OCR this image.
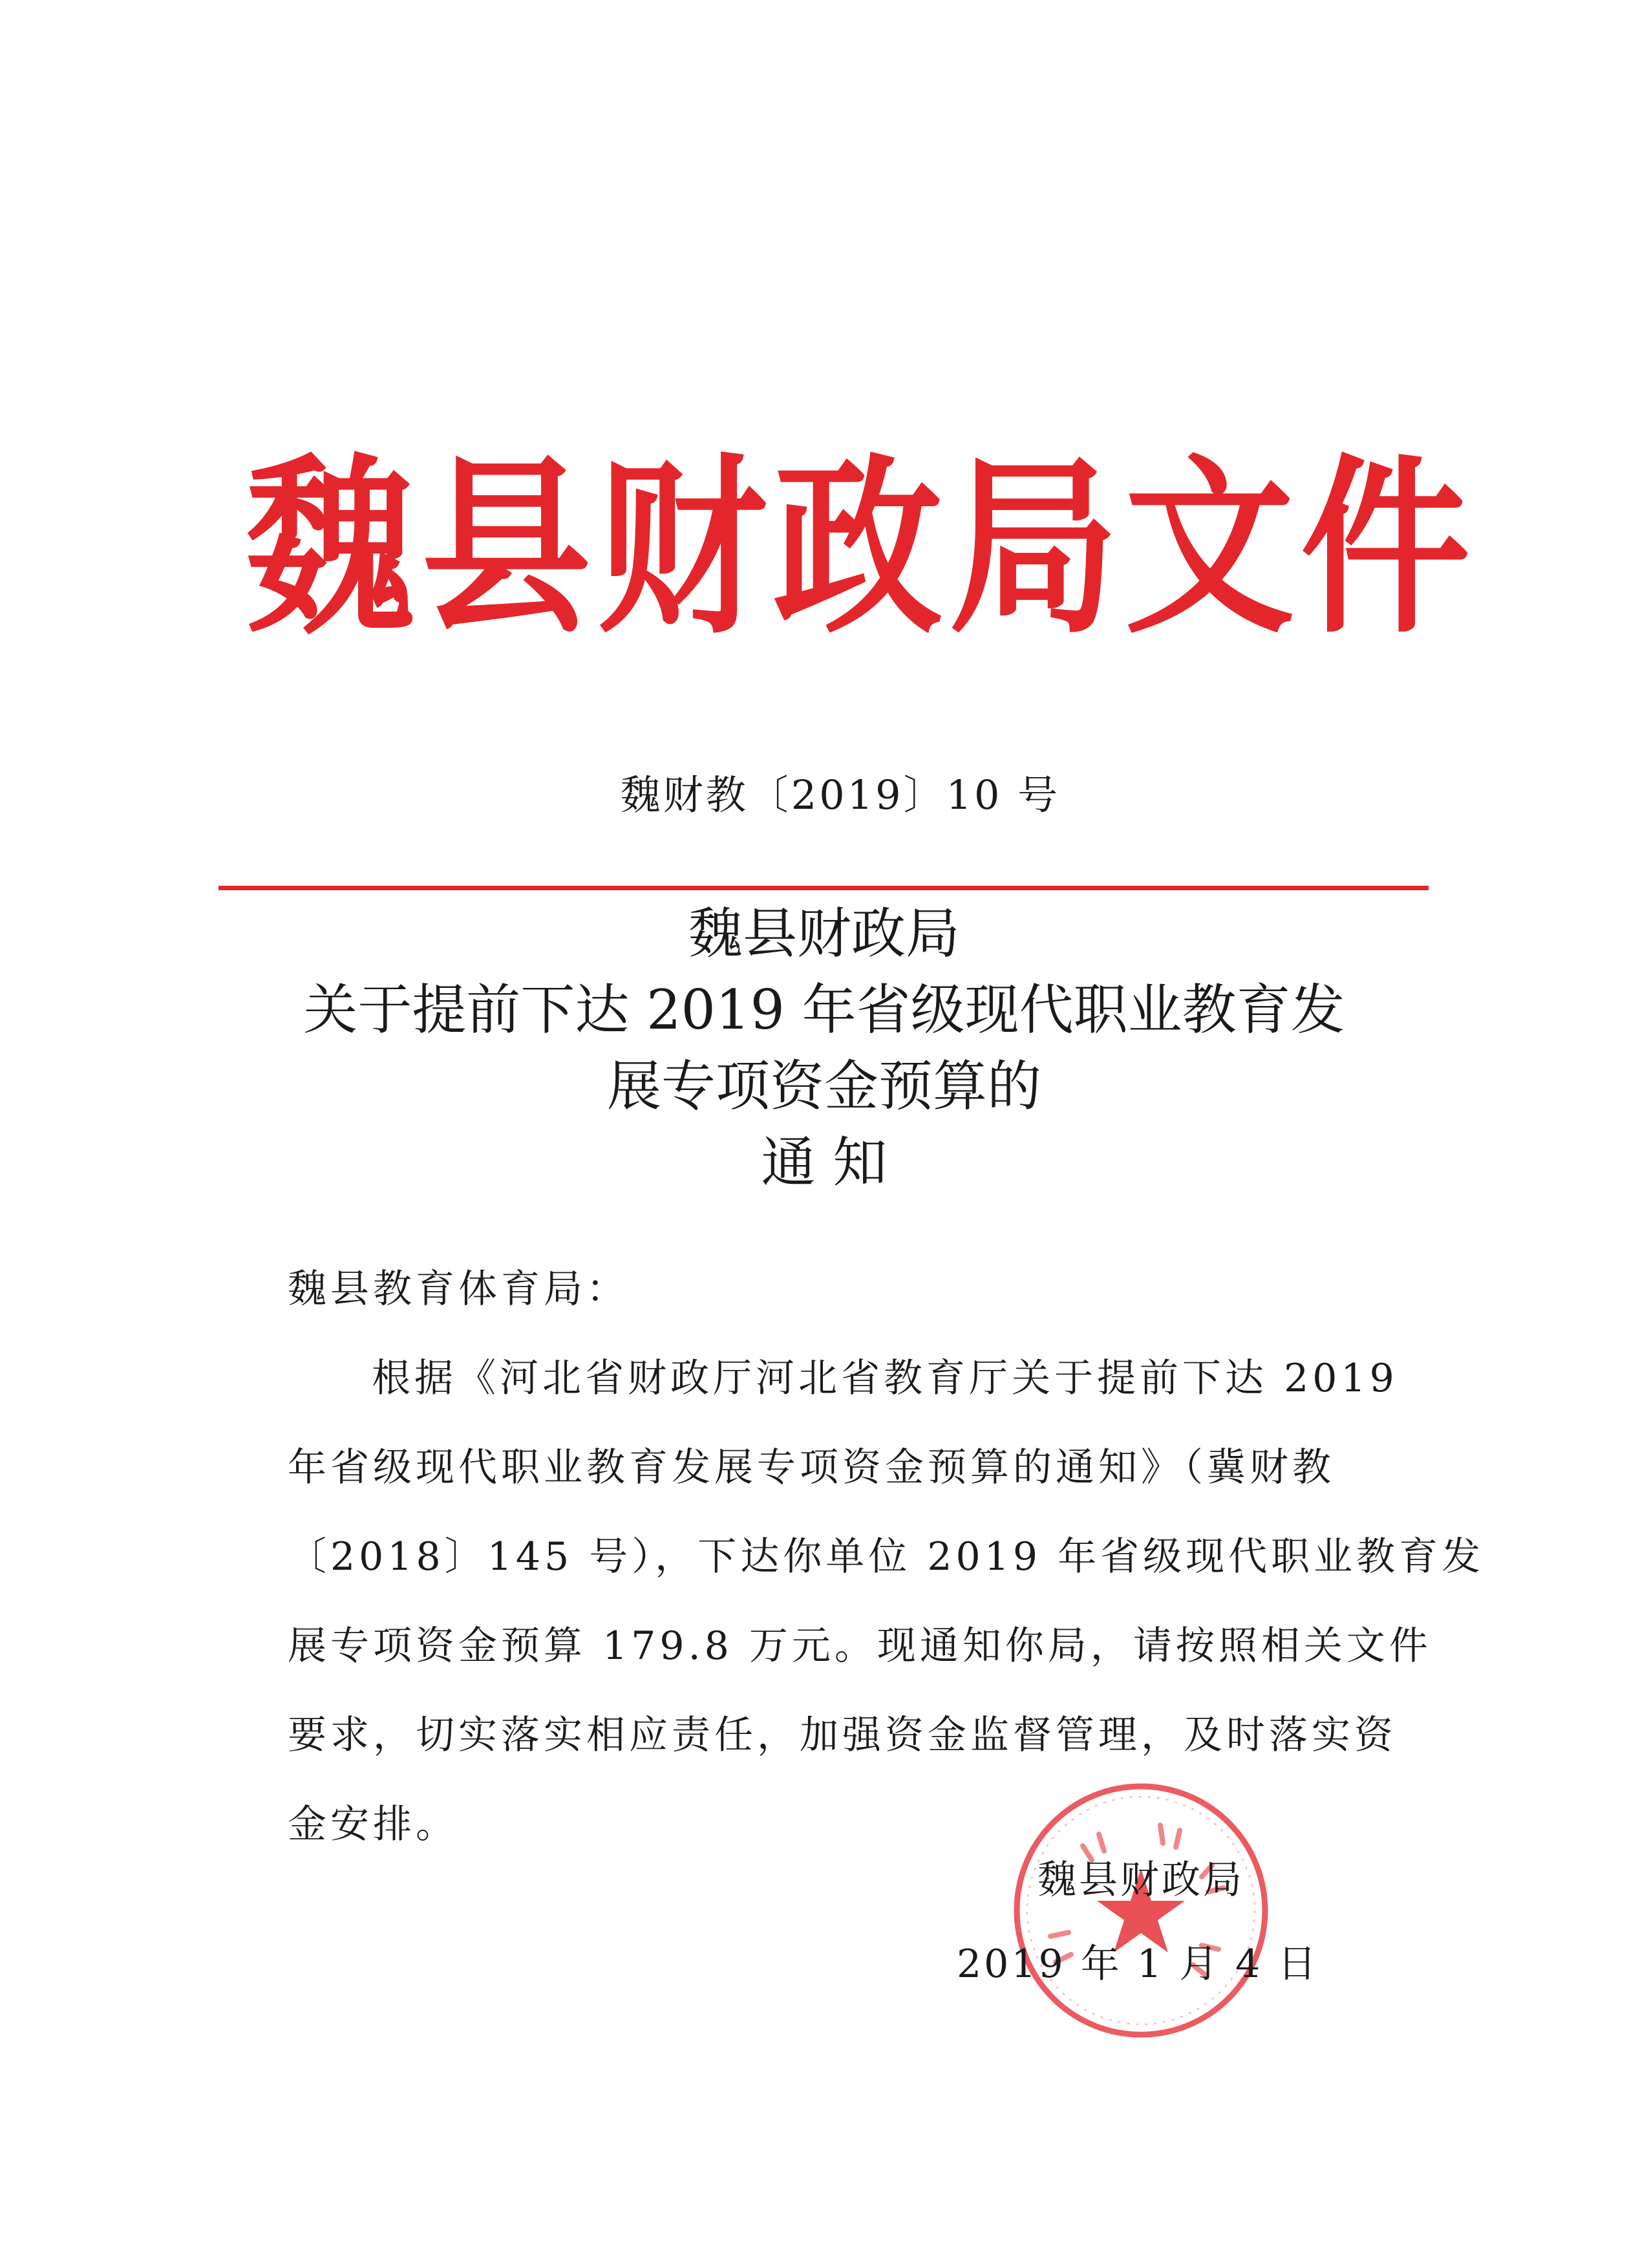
魏县财政局文件
魏财教〔2019〕10 号
魏县财政局
关于提前下达 2019 年省级现代职业教育发
展专项资金预算的
通 知
魏县教育体育局：
根据《河北省财政厅河北省教育厅关于提前下达 2019
年省级现代职业教育发展专项资金预算的通知》（冀财教
〔2018〕145 号），下达你单位 2019 年省级现代职业教育发
展专项资金预算 179.8 万元。现通知你局，请按照相关文件
要求，切实落实相应责任，加强资金监督管理，及时落实资
金安排。
魏县财政局
2019 年 1 月 4 日
